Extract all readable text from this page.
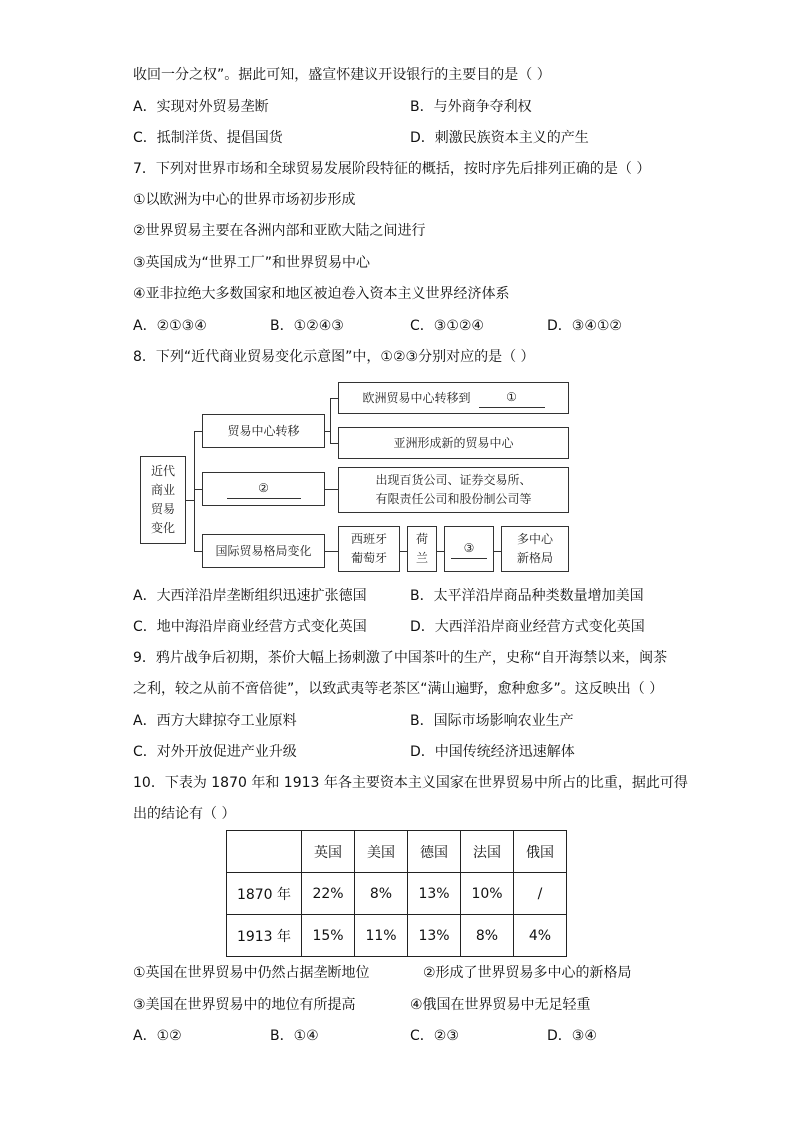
收回一分之权”。据此可知，盛宣怀建议开设银行的主要目的是（ ）
A．实现对外贸易垄断	B．与外商争夺利权
C．抵制洋货、提倡国货	D．刺激民族资本主义的产生
7．下列对世界市场和全球贸易发展阶段特征的概括，按时序先后排列正确的是（ ）
①以欧洲为中心的世界市场初步形成
②世界贸易主要在各洲内部和亚欧大陆之间进行
③英国成为“世界工厂”和世界贸易中心
④亚非拉绝大多数国家和地区被迫卷入资本主义世界经济体系
A．②①③④	B．①②④③	C．③①②④	D．③④①②
8．下列“近代商业贸易变化示意图”中，①②③分别对应的是（ ）
近代商业贸易变化
贸易中心转移
欧洲贸易中心转移到	①
亚洲形成新的贸易中心
②
出现百货公司、证券交易所、
有限责任公司和股份制公司等
国际贸易格局变化
西班牙
葡萄牙
荷
兰
③
多中心
新格局
A．大西洋沿岸垄断组织迅速扩张德国	B．太平洋沿岸商品种类数量增加美国
C．地中海沿岸商业经营方式变化英国	D．大西洋沿岸商业经营方式变化英国
9．鸦片战争后初期，茶价大幅上扬刺激了中国茶叶的生产，史称“自开海禁以来，闽茶
之利，较之从前不啻倍徙”，以致武夷等老茶区“满山遍野，愈种愈多”。这反映出（ ）
A．西方大肆掠夺工业原料	B．国际市场影响农业生产
C．对外开放促进产业升级	D．中国传统经济迅速解体
10．下表为 1870 年和 1913 年各主要资本主义国家在世界贸易中所占的比重，据此可得
出的结论有（ ）
	英国	美国	德国	法国	俄国
1870 年	22%	8%	13%	10%	/
1913 年	15%	11%	13%	8%	4%
①英国在世界贸易中仍然占据垄断地位	②形成了世界贸易多中心的新格局
③美国在世界贸易中的地位有所提高	④俄国在世界贸易中无足轻重
A．①②	B．①④	C．②③	D．③④
